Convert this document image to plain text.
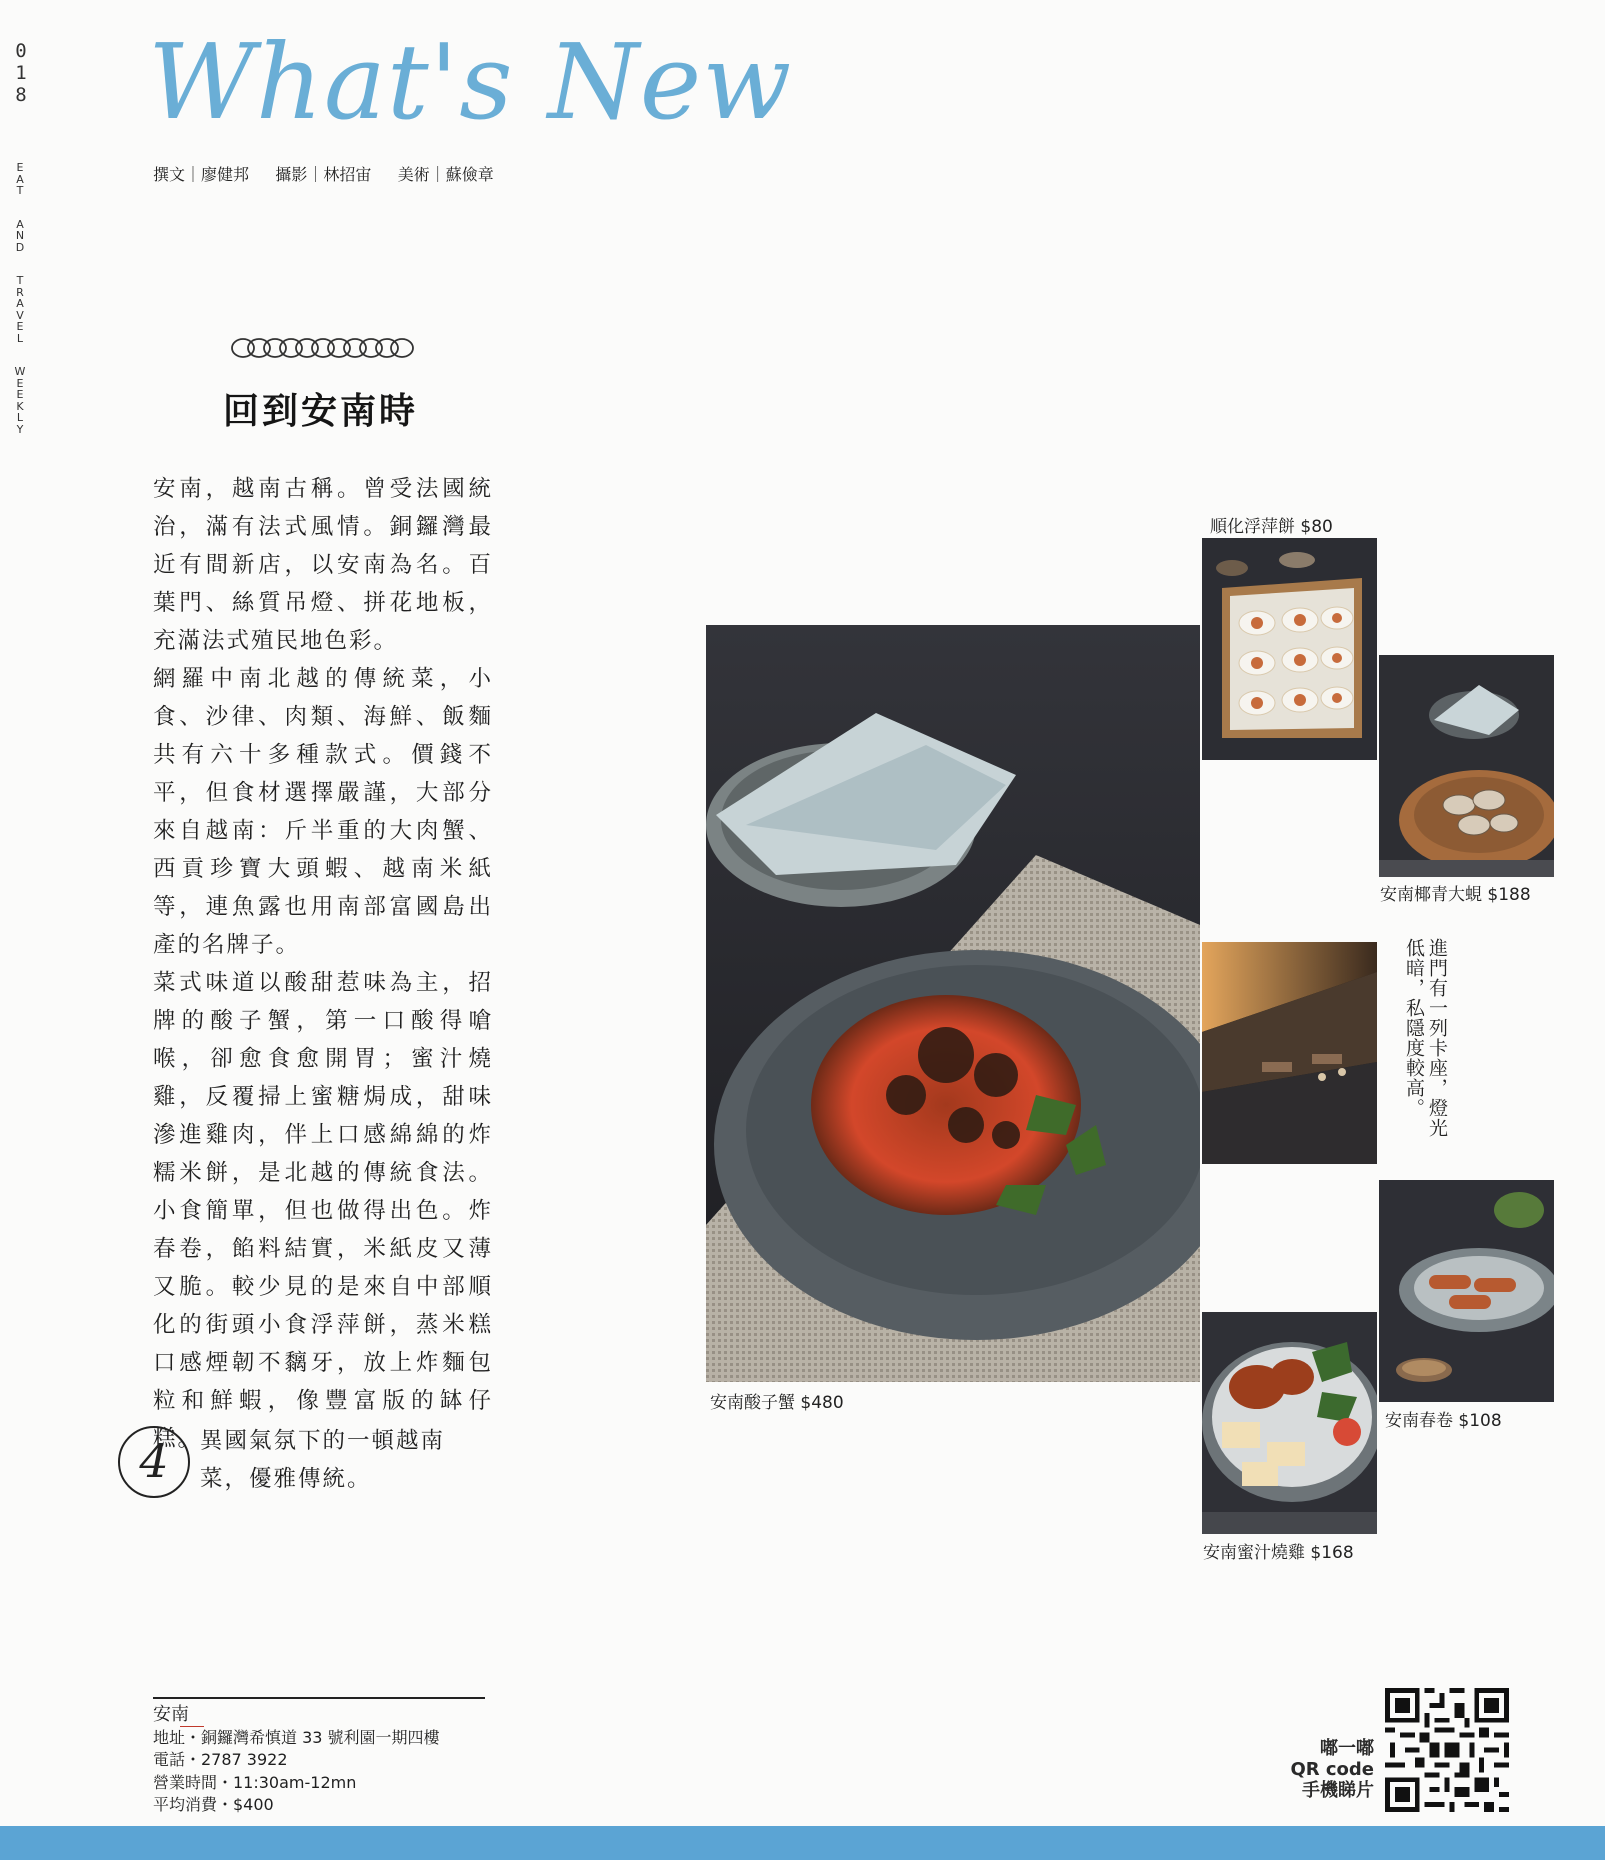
0
1
8
E
A
T

A
N
D

T
R
A
V
E
L

W
E
E
K
L
Y
What's New
撰文｜廖健邦 攝影｜林招宙 美術｜蘇儉章
回到安南時

安南，越南古稱。曾受法國統治，滿有法式風情。銅鑼灣最近有間新店，以安南為名。百葉門、絲質吊燈、拼花地板，充滿法式殖民地色彩。

網羅中南北越的傳統菜，小食、沙律、肉類、海鮮、飯麵共有六十多種款式。價錢不平，但食材選擇嚴謹，大部分來自越南：斤半重的大肉蟹、西貢珍寶大頭蝦、越南米紙等，連魚露也用南部富國島出產的名牌子。

菜式味道以酸甜惹味為主，招牌的酸子蟹，第一口酸得嗆喉，卻愈食愈開胃；蜜汁燒雞，反覆掃上蜜糖焗成，甜味滲進雞肉，伴上口感綿綿的炸糯米餅，是北越的傳統食法。小食簡單，但也做得出色。炸春卷，餡料結實，米紙皮又薄又脆。較少見的是來自中部順化的街頭小食浮萍餅，蒸米糕口感煙韌不黐牙，放上炸麵包粒和鮮蝦，像豐富版的缽仔糕。

4	異國氣氛下的一頓越南菜，優雅傳統。
安南酸子蟹 $480
順化浮萍餅 $80
安南椰青大蜆 $188
進門有一列卡座，燈光低暗，私隱度較高。
安南春卷 $108
安南蜜汁燒雞 $168
安南
地址・銅鑼灣希慎道 33 號利園一期四樓
電話・2787 3922
營業時間・11:30am-12mn
平均消費・$400
嘟一嘟
QR code
手機睇片
